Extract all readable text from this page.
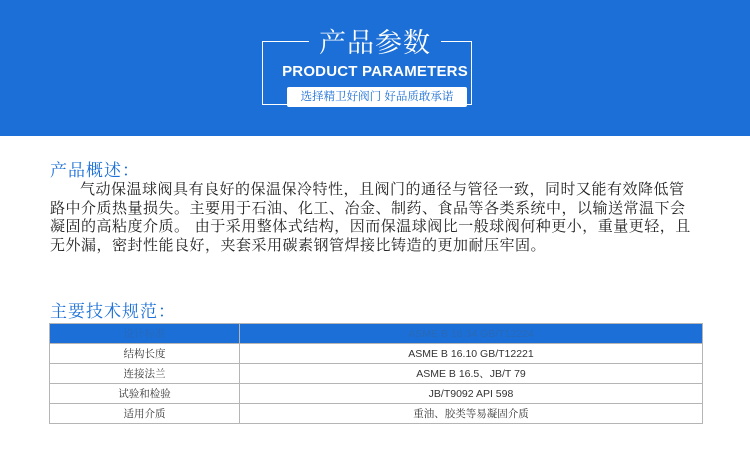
产品参数
PRODUCT PARAMETERS
选择精卫好阀门 好品质敢承诺
产品概述：

气动保温球阀具有良好的保温保冷特性，且阀门的通径与管径一致，同时又能有效降低管路中介质热量损失。主要用于石油、化工、冶金、制药、食品等各类系统中，以输送常温下会凝固的高粘度介质。 由于采用整体式结构，因而保温球阀比一般球阀何种更小，重量更轻，且无外漏，密封性能良好，夹套采用碳素钢管焊接比铸造的更加耐压牢固。

主要技术规范：
设计标准	ASME B 16.34 GB/T12224
结构长度	ASME B 16.10 GB/T12221
连接法兰	ASME B 16.5、JB/T 79
试验和检验	JB/T9092 API 598
适用介质	重油、胶类等易凝固介质
